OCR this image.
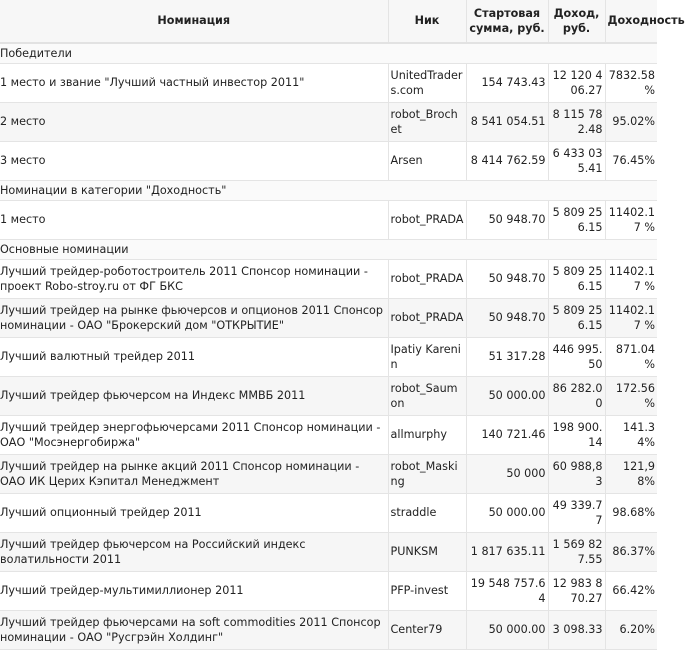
Номинация	Ник	Стартовая сумма, руб.	Доход, руб.	Доходность
Победители				
1 место и звание "Лучший частный инвестор 2011"	UnitedTraders.com	154 743.43	12 120 406.27	7832.58 %
2 место	robot_Brochet	8 541 054.51	8 115 782.48	95.02%
3 место	Arsen	8 414 762.59	6 433 035.41	76.45%
Номинации в категории "Доходность"				
1 место	robot_PRADA	50 948.70	5 809 256.15	11402.17 %
Основные номинации				
Лучший трейдер-роботостроитель 2011 Спонсор номинации - проект Robo-stroy.ru от ФГ БКС	robot_PRADA	50 948.70	5 809 256.15	11402.17 %
Лучший трейдер на рынке фьючерсов и опционов 2011 Спонсор номинации - ОАО "Брокерский дом "ОТКРЫТИЕ"	robot_PRADA	50 948.70	5 809 256.15	11402.17 %
Лучший валютный трейдер 2011	Ipatiy Karenin	51 317.28	446 995.50	871.04 %
Лучший трейдер фьючерсом на Индекс ММВБ 2011	robot_Saumon	50 000.00	86 282.00	172.56 %
Лучший трейдер энергофьючерсами 2011 Спонсор номинации - ОАО "Мосэнергобиржа"	allmurphy	140 721.46	198 900.14	141.34%
Лучший трейдер на рынке акций 2011 Спонсор номинации - ОАО ИК Церих Кэпитал Менеджмент	robot_Masking	50 000	60 988,83	121,98%
Лучший опционный трейдер 2011	straddle	50 000.00	49 339.77	98.68%
Лучший трейдер фьючерсом на Российский индекс волатильности 2011	PUNKSM	1 817 635.11	1 569 827.55	86.37%
Лучший трейдер-мультимиллионер 2011	PFP-invest	19 548 757.64	12 983 870.27	66.42%
Лучший трейдер фьючерсами на soft commodities 2011 Спонсор номинации - ОАО "Русгрэйн Холдинг"	Center79	50 000.00	3 098.33	6.20%
